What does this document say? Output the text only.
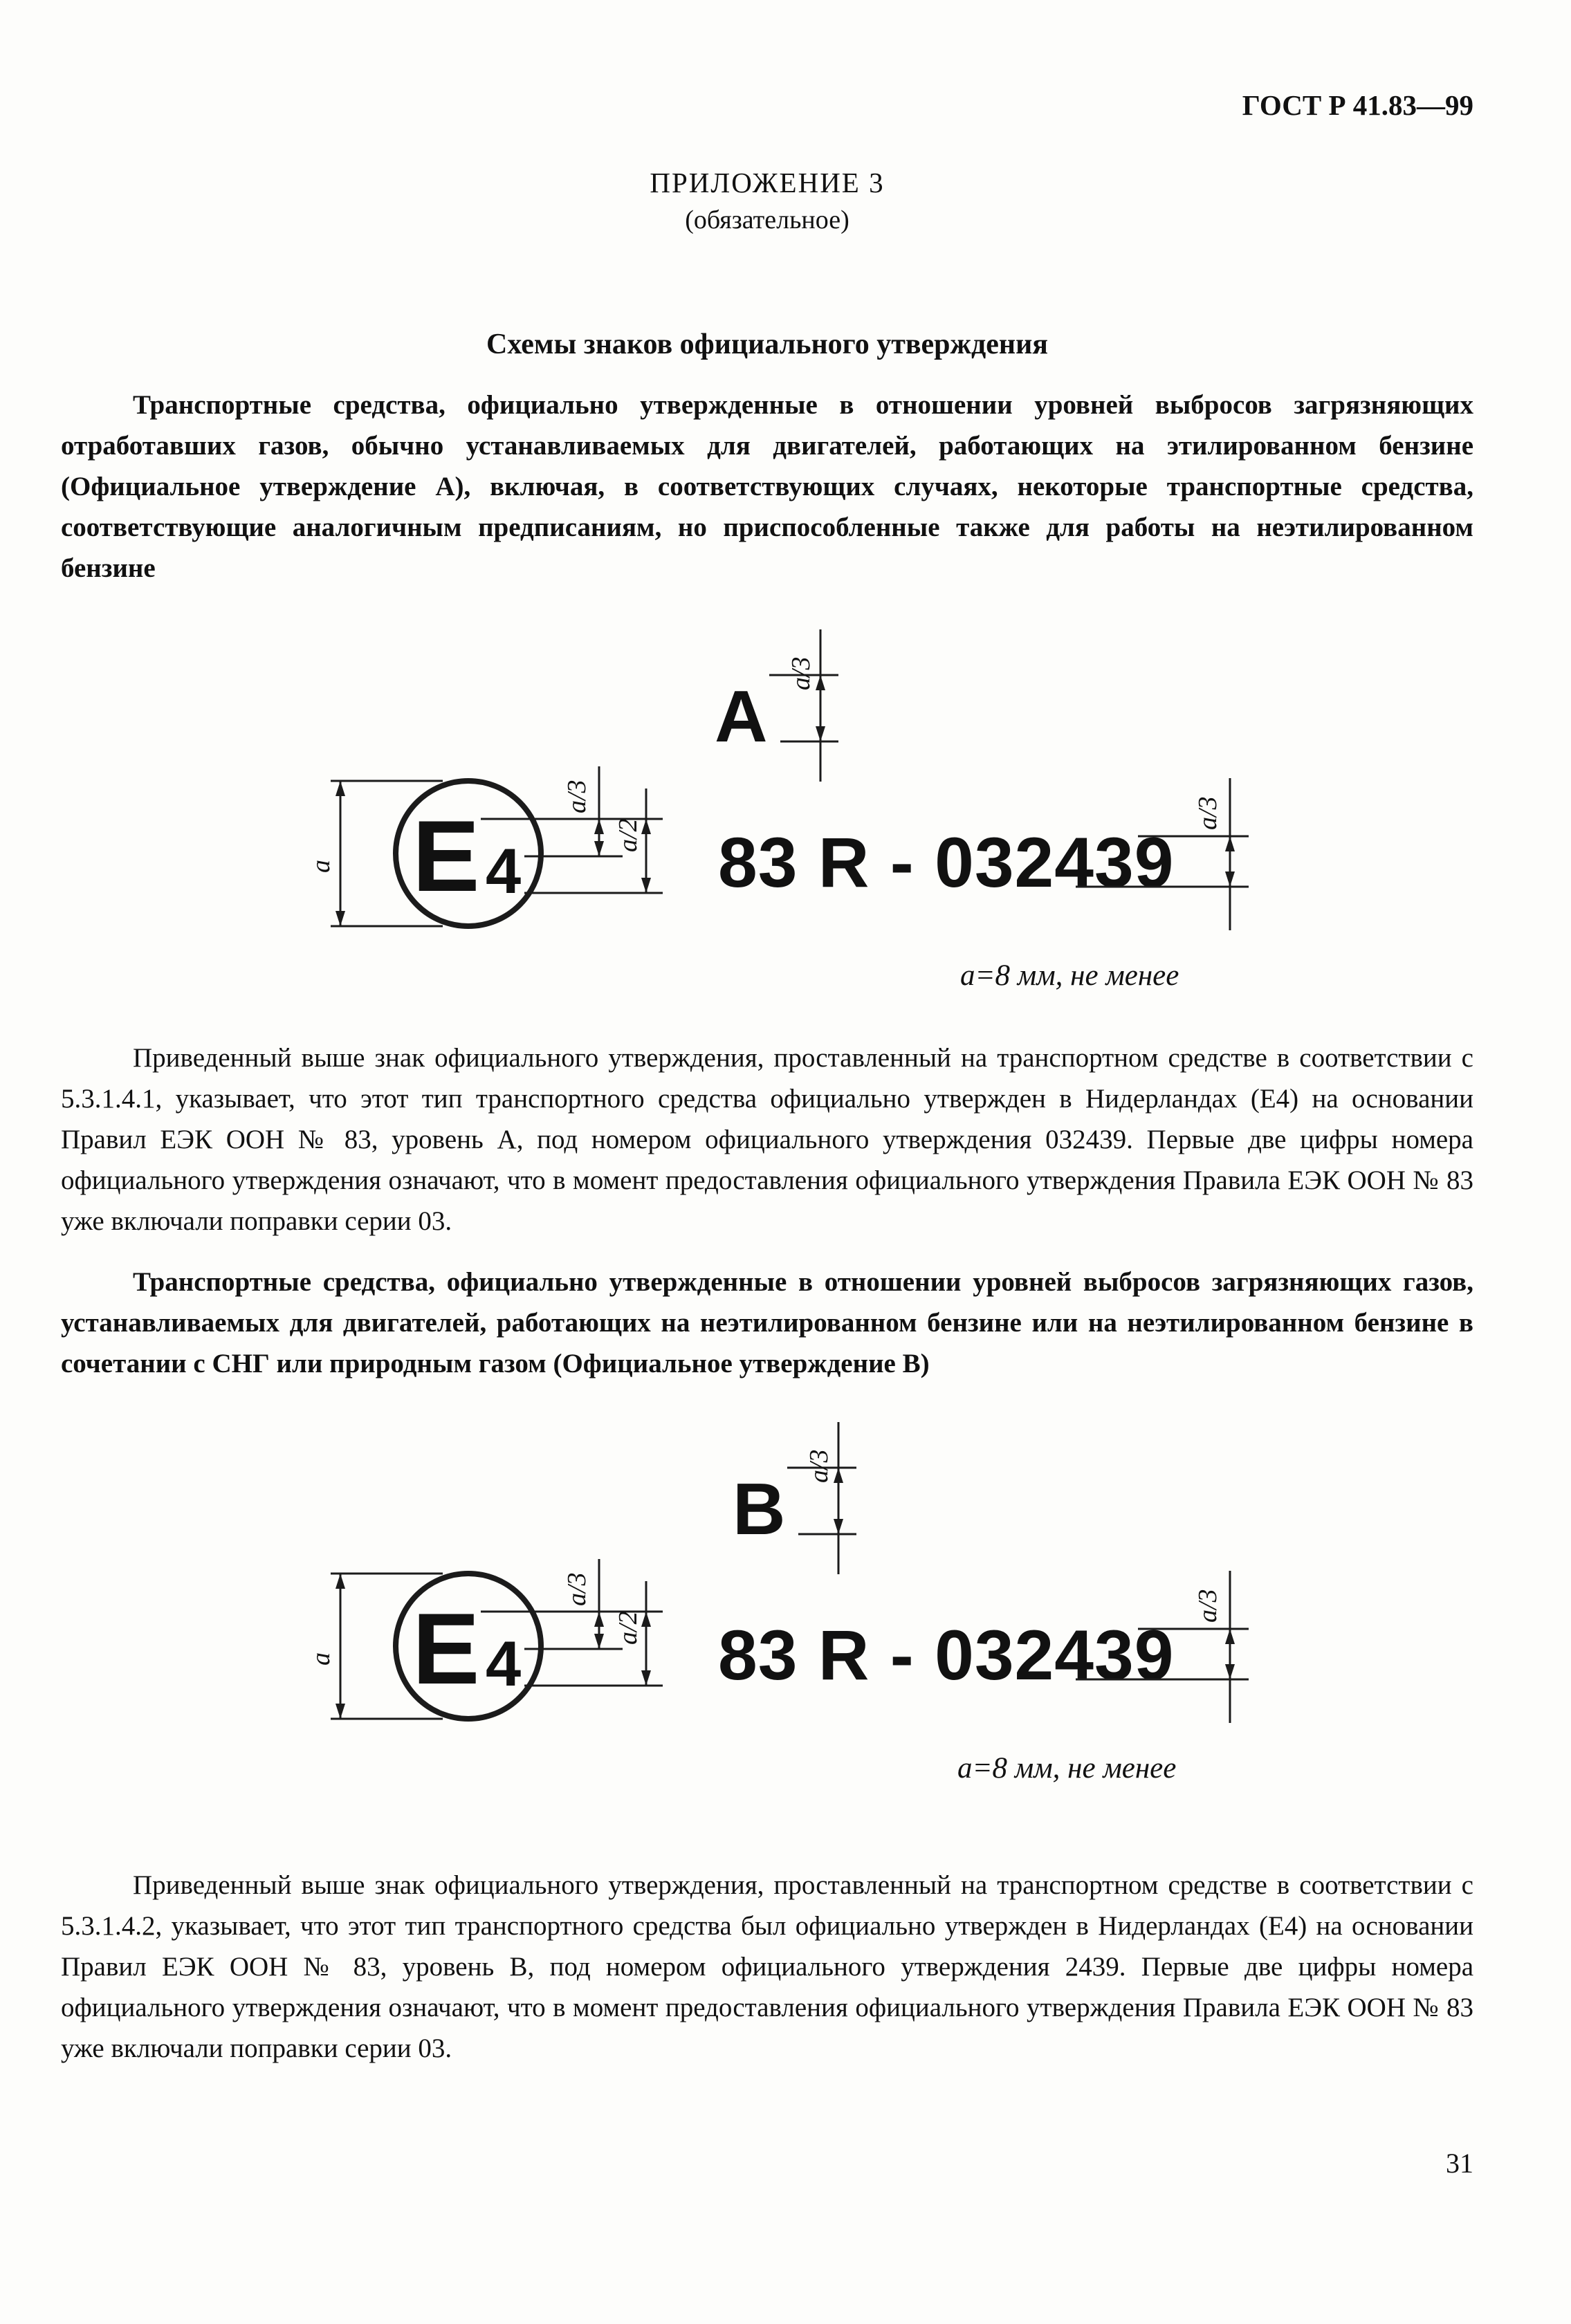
ГОСТ Р 41.83—99
ПРИЛОЖЕНИЕ 3
(обязательное)
Схемы знаков официального утверждения
Транспортные средства, официально утвержденные в отношении уровней выбросов загрязняющих отработавших газов, обычно устанавливаемых для двигателей, работающих на этилированном бензине (Официальное утверждение А), включая, в соответствующих случаях, некоторые транспортные средства, соответствующие аналогичным предписаниям, но приспособленные также для работы на неэтилированном бензине
А
a/3
E 4
a
a/3
a/2 83 R - 032439
a/3
а=8 мм, не менее
Приведенный выше знак официального утверждения, проставленный на транспортном средстве в соответствии с 5.3.1.4.1, указывает, что этот тип транспортного средства официально утвержден в Нидерландах (Е4) на основании Правил ЕЭК ООН № 83, уровень А, под номером официального утверждения 032439. Первые две цифры номера официального утверждения означают, что в момент предоставления официального утверждения Правила ЕЭК ООН № 83 уже включали поправки серии 03.
Транспортные средства, официально утвержденные в отношении уровней выбросов загрязняющих газов, устанавливаемых для двигателей, работающих на неэтилированном бензине или на неэтилированном бензине в сочетании с СНГ или природным газом (Официальное утверждение В)
В
a/3
E 4
a
a/3
a/2 83 R - 032439
a/3
а=8 мм, не менее
Приведенный выше знак официального утверждения, проставленный на транспортном средстве в соответствии с 5.3.1.4.2, указывает, что этот тип транспортного средства был официально утвержден в Нидерландах (Е4) на основании Правил ЕЭК ООН № 83, уровень В, под номером официального утверждения 2439. Первые две цифры номера официального утверждения означают, что в момент предоставления официального утверждения Правила ЕЭК ООН № 83 уже включали поправки серии 03.
31
